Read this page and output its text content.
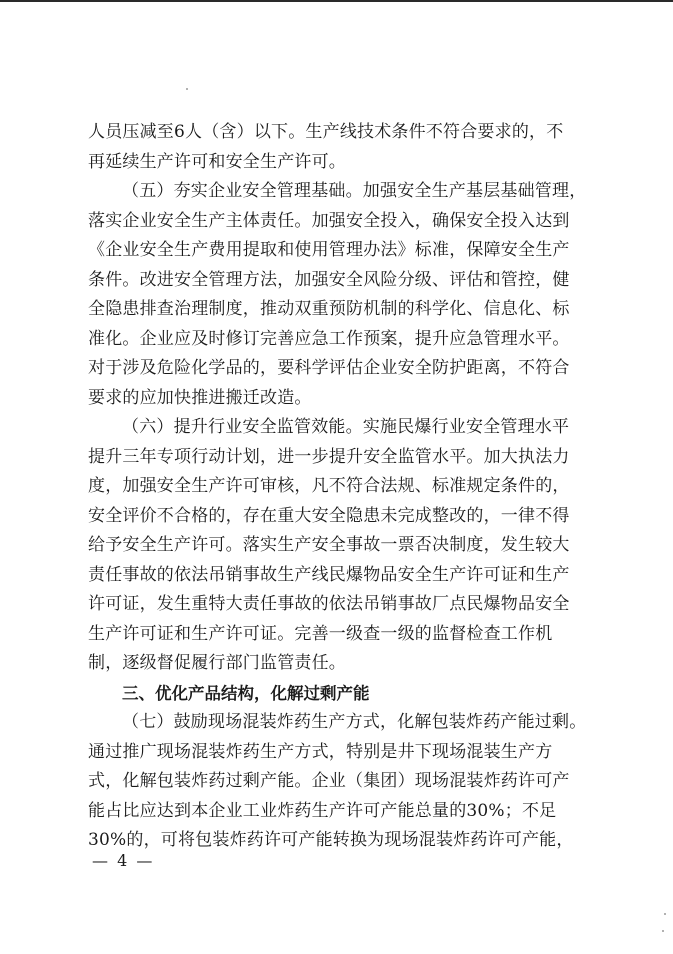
人员压减至6人（含）以下。生产线技术条件不符合要求的，不
再延续生产许可和安全生产许可。
（五）夯实企业安全管理基础。加强安全生产基层基础管理，
落实企业安全生产主体责任。加强安全投入，确保安全投入达到
《企业安全生产费用提取和使用管理办法》标准，保障安全生产
条件。改进安全管理方法，加强安全风险分级、评估和管控，健
全隐患排查治理制度，推动双重预防机制的科学化、信息化、标
准化。企业应及时修订完善应急工作预案，提升应急管理水平。
对于涉及危险化学品的，要科学评估企业安全防护距离，不符合
要求的应加快推进搬迁改造。
（六）提升行业安全监管效能。实施民爆行业安全管理水平
提升三年专项行动计划，进一步提升安全监管水平。加大执法力
度，加强安全生产许可审核，凡不符合法规、标准规定条件的，
安全评价不合格的，存在重大安全隐患未完成整改的，一律不得
给予安全生产许可。落实生产安全事故一票否决制度，发生较大
责任事故的依法吊销事故生产线民爆物品安全生产许可证和生产
许可证，发生重特大责任事故的依法吊销事故厂点民爆物品安全
生产许可证和生产许可证。完善一级查一级的监督检查工作机
制，逐级督促履行部门监管责任。
三、优化产品结构，化解过剩产能
（七）鼓励现场混装炸药生产方式，化解包装炸药产能过剩。
通过推广现场混装炸药生产方式，特别是井下现场混装生产方
式，化解包装炸药过剩产能。企业（集团）现场混装炸药许可产
能占比应达到本企业工业炸药生产许可产能总量的30%；不足
30%的，可将包装炸药许可产能转换为现场混装炸药许可产能，
— 4 —
